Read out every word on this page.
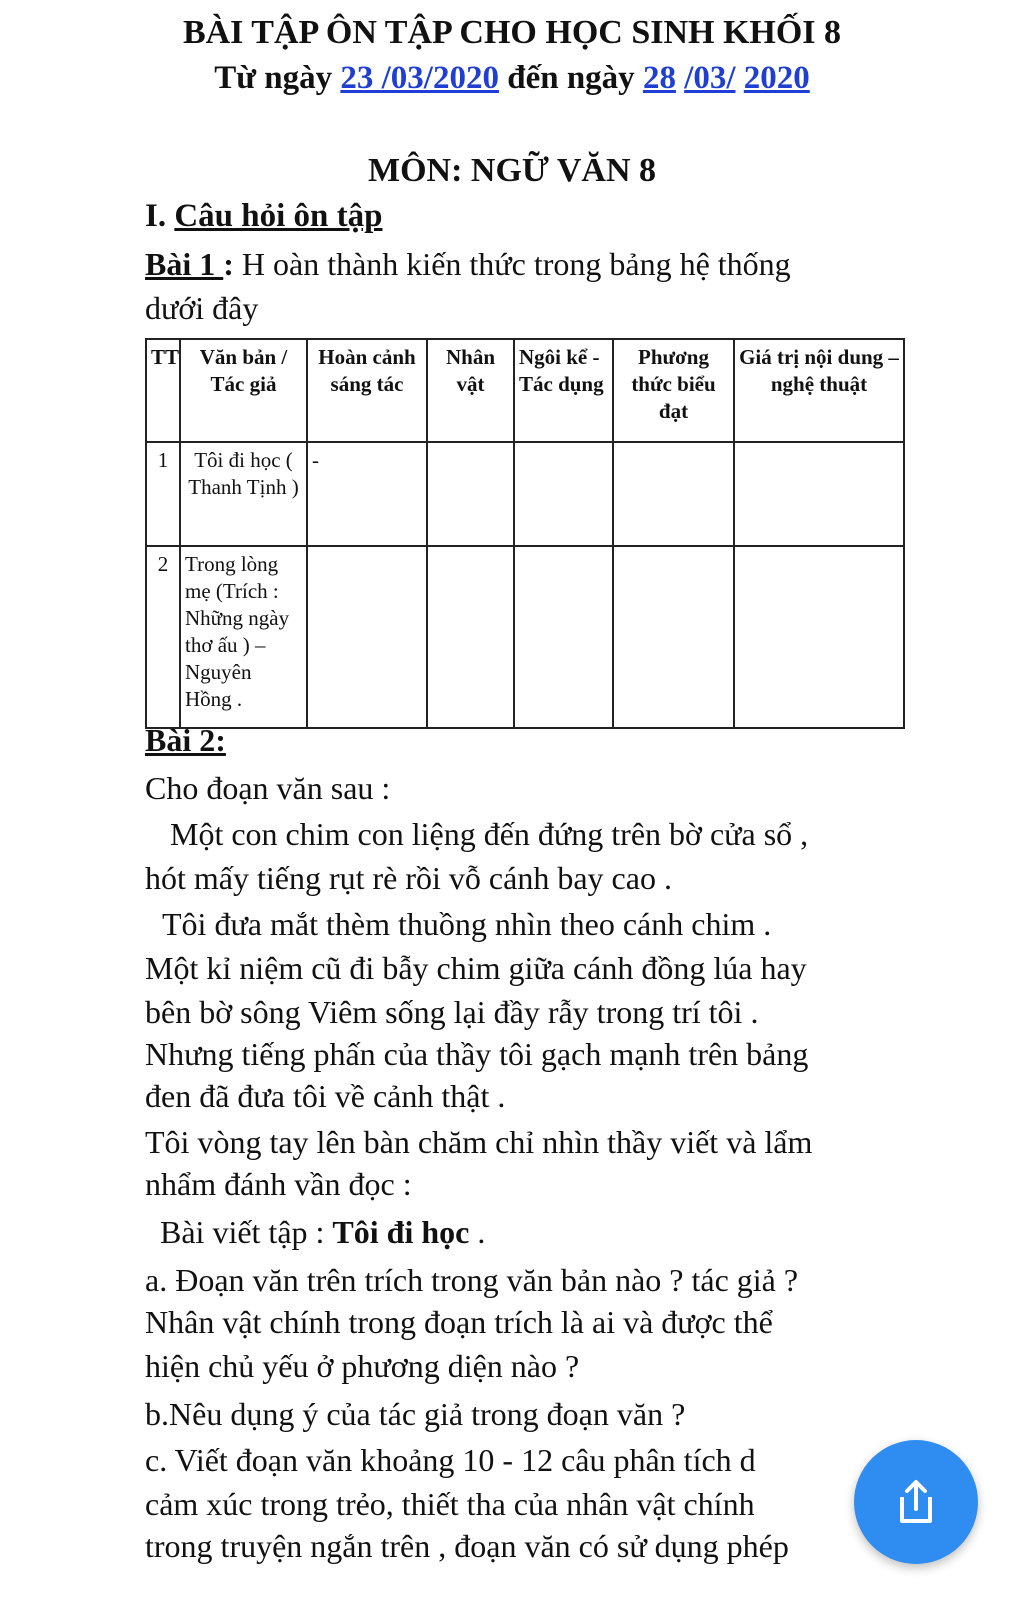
BÀI TẬP ÔN TẬP CHO HỌC SINH KHỐI 8
Từ ngày 23 /03/2020 đến ngày 28 /03/ 2020
MÔN: NGỮ VĂN 8
I. Câu hỏi ôn tập
Bài 1 : H oàn thành kiến thức trong bảng hệ thống
dưới đây
TT	Văn bản / Tác giả	Hoàn cảnh sáng tác	Nhân vật	Ngôi kể - Tác dụng	Phương thức biểu đạt	Giá trị nội dung – nghệ thuật
1	Tôi đi học ( Thanh Tịnh )	-				
2	Trong lòng mẹ (Trích : Những ngày thơ ấu ) – Nguyên Hồng .					
Bài 2:
Cho đoạn văn sau :
Một con chim con liệng đến đứng trên bờ cửa sổ ,
hót mấy tiếng rụt rè rồi vỗ cánh bay cao .
Tôi đưa mắt thèm thuồng nhìn theo cánh chim .
Một kỉ niệm cũ đi bẫy chim giữa cánh đồng lúa hay
bên bờ sông Viêm sống lại đầy rẫy trong trí tôi .
Nhưng tiếng phấn của thầy tôi gạch mạnh trên bảng
đen đã đưa tôi về cảnh thật .
Tôi vòng tay lên bàn chăm chỉ nhìn thầy viết và lẩm
nhẩm đánh vần đọc :
Bài viết tập : Tôi đi học .
a. Đoạn văn trên trích trong văn bản nào ? tác giả ?
Nhân vật chính trong đoạn trích là ai và được thể
hiện chủ yếu ở phương diện nào ?
b.Nêu dụng ý của tác giả trong đoạn văn ?
c. Viết đoạn văn khoảng 10 - 12 câu phân tích d
cảm xúc trong trẻo, thiết tha của nhân vật chính
trong truyện ngắn trên , đoạn văn có sử dụng phép
